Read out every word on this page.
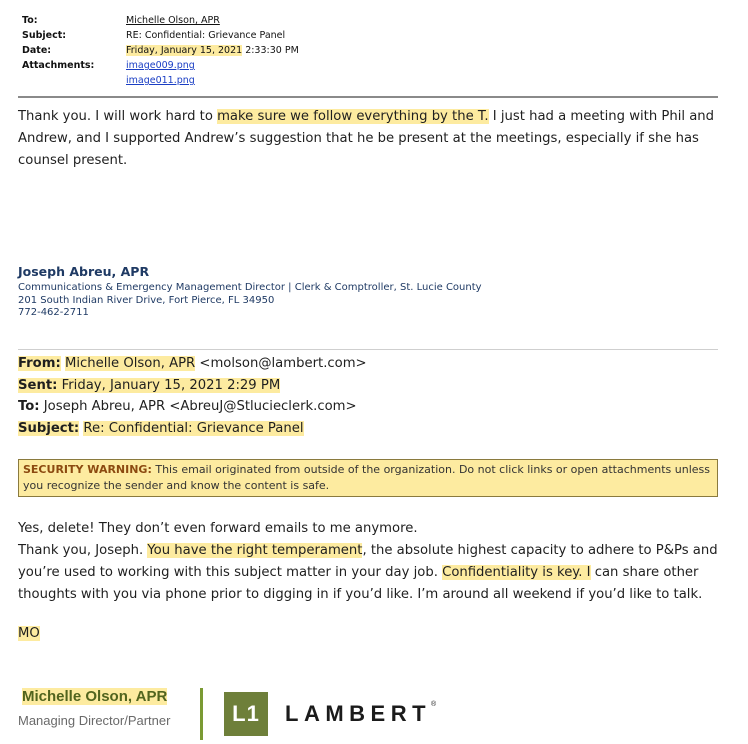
To:	Michelle Olson, APR
Subject:	RE: Confidential: Grievance Panel
Date:	Friday, January 15, 2021 2:33:30 PM
Attachments:	image009.png
image011.png
Thank you. I will work hard to make sure we follow everything by the T. I just had a meeting with Phil and Andrew, and I supported Andrew’s suggestion that he be present at the meetings, especially if she has counsel present.
Joseph Abreu, APR
Communications & Emergency Management Director | Clerk & Comptroller, St. Lucie County
201 South Indian River Drive, Fort Pierce, FL 34950
772-462-2711
From: Michelle Olson, APR <molson@lambert.com>
Sent: Friday, January 15, 2021 2:29 PM
To: Joseph Abreu, APR <AbreuJ@Stlucieclerk.com>
Subject: Re: Confidential: Grievance Panel
SECURITY WARNING: This email originated from outside of the organization. Do not click links or open attachments unless you recognize the sender and know the content is safe.
Yes, delete! They don’t even forward emails to me anymore.
Thank you, Joseph. You have the right temperament, the absolute highest capacity to adhere to P&Ps and you’re used to working with this subject matter in your day job. Confidentiality is key. I can share other thoughts with you via phone prior to digging in if you’d like. I’m around all weekend if you’d like to talk.
MO
Michelle Olson, APR
Managing Director/Partner	L1	LAMBERT®
